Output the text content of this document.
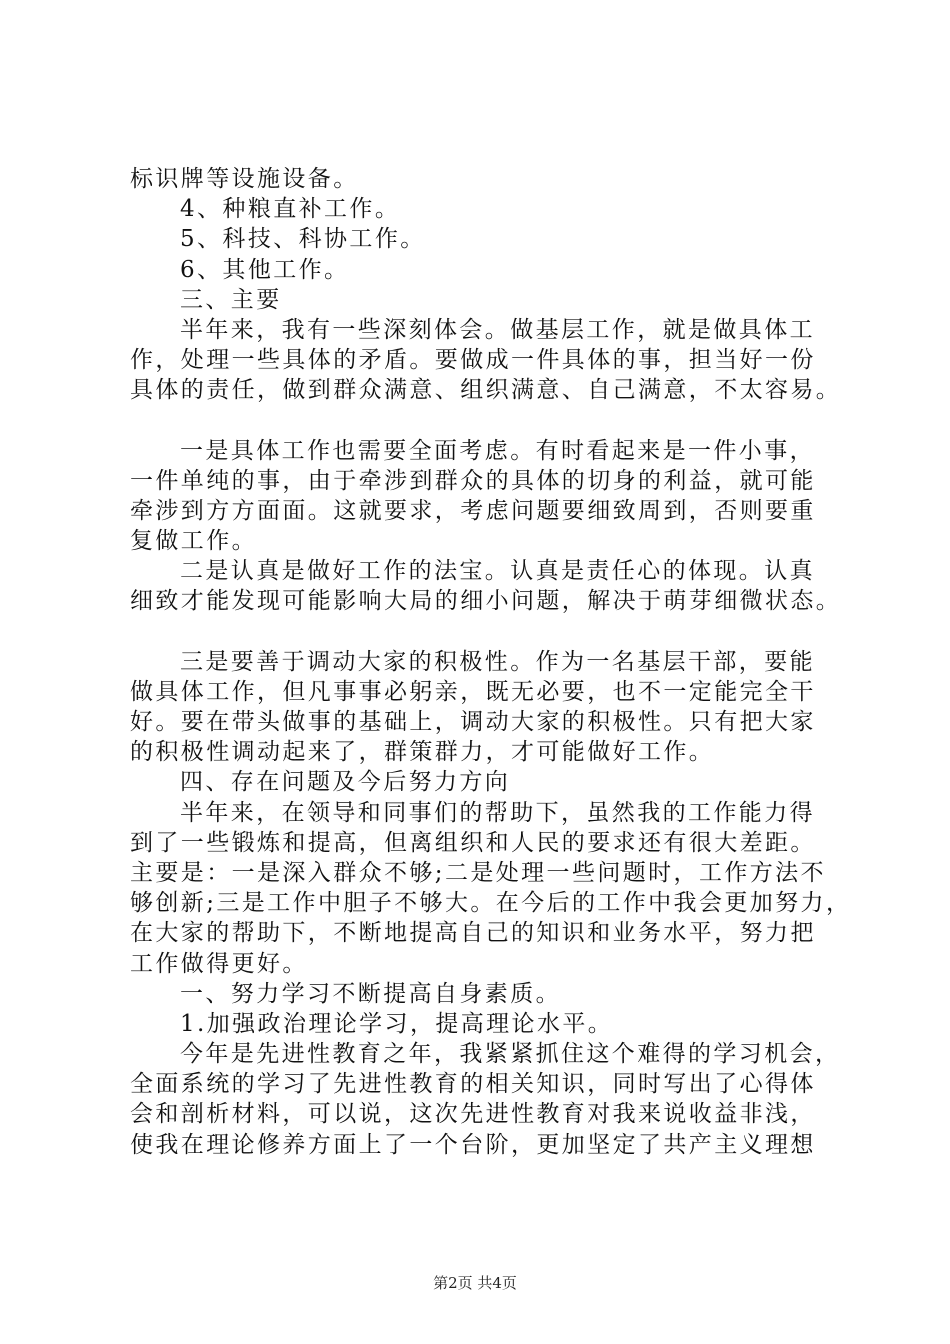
标识牌等设施设备。
4、种粮直补工作。
5、科技、科协工作。
6、其他工作。
三、主要
半年来，我有一些深刻体会。做基层工作，就是做具体工
作，处理一些具体的矛盾。要做成一件具体的事，担当好一份
具体的责任，做到群众满意、组织满意、自己满意，不太容易。
一是具体工作也需要全面考虑。有时看起来是一件小事，
一件单纯的事，由于牵涉到群众的具体的切身的利益，就可能
牵涉到方方面面。这就要求，考虑问题要细致周到，否则要重
复做工作。
二是认真是做好工作的法宝。认真是责任心的体现。认真
细致才能发现可能影响大局的细小问题，解决于萌芽细微状态。
三是要善于调动大家的积极性。作为一名基层干部，要能
做具体工作，但凡事事必躬亲，既无必要，也不一定能完全干
好。要在带头做事的基础上，调动大家的积极性。只有把大家
的积极性调动起来了，群策群力，才可能做好工作。
四、存在问题及今后努力方向
半年来，在领导和同事们的帮助下，虽然我的工作能力得
到了一些锻炼和提高，但离组织和人民的要求还有很大差距。
主要是：一是深入群众不够;二是处理一些问题时，工作方法不
够创新;三是工作中胆子不够大。在今后的工作中我会更加努力，
在大家的帮助下，不断地提高自己的知识和业务水平，努力把
工作做得更好。
一、努力学习不断提高自身素质。
1.加强政治理论学习，提高理论水平。
今年是先进性教育之年，我紧紧抓住这个难得的学习机会，
全面系统的学习了先进性教育的相关知识，同时写出了心得体
会和剖析材料，可以说，这次先进性教育对我来说收益非浅，
使我在理论修养方面上了一个台阶，更加坚定了共产主义理想
第2页 共4页
